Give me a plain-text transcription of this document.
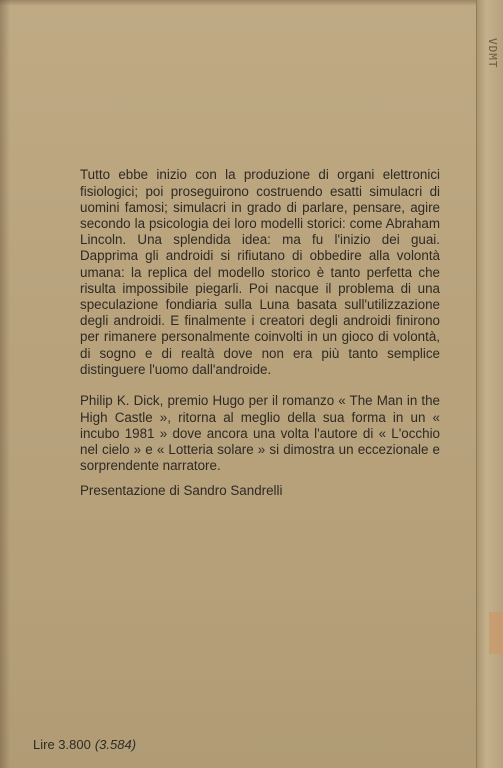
VDMT

Tutto ebbe inizio con la produzione di organi elettronici fisiologici; poi proseguirono costruendo esatti simulacri di uomini famosi; simulacri in grado di parlare, pensare, agire secondo la psicologia dei loro modelli storici: come Abraham Lincoln. Una splendida idea: ma fu l'inizio dei guai. Dapprima gli androidi si rifiutano di obbedire alla volontà umana: la replica del modello storico è tanto perfetta che risulta impossibile piegarli. Poi nacque il problema di una speculazione fondiaria sulla Luna basata sull'utilizzazione degli androidi. E finalmente i creatori degli androidi finirono per rimanere personalmente coinvolti in un gioco di volontà, di sogno e di realtà dove non era più tanto semplice distinguere l'uomo dall'androide.

Philip K. Dick, premio Hugo per il romanzo « The Man in the High Castle », ritorna al meglio della sua forma in un « incubo 1981 » dove ancora una volta l'autore di « L'occhio nel cielo » e « Lotteria solare » si dimostra un eccezionale e sorprendente narratore.

Presentazione di Sandro Sandrelli

Lire 3.800 (3.584)
